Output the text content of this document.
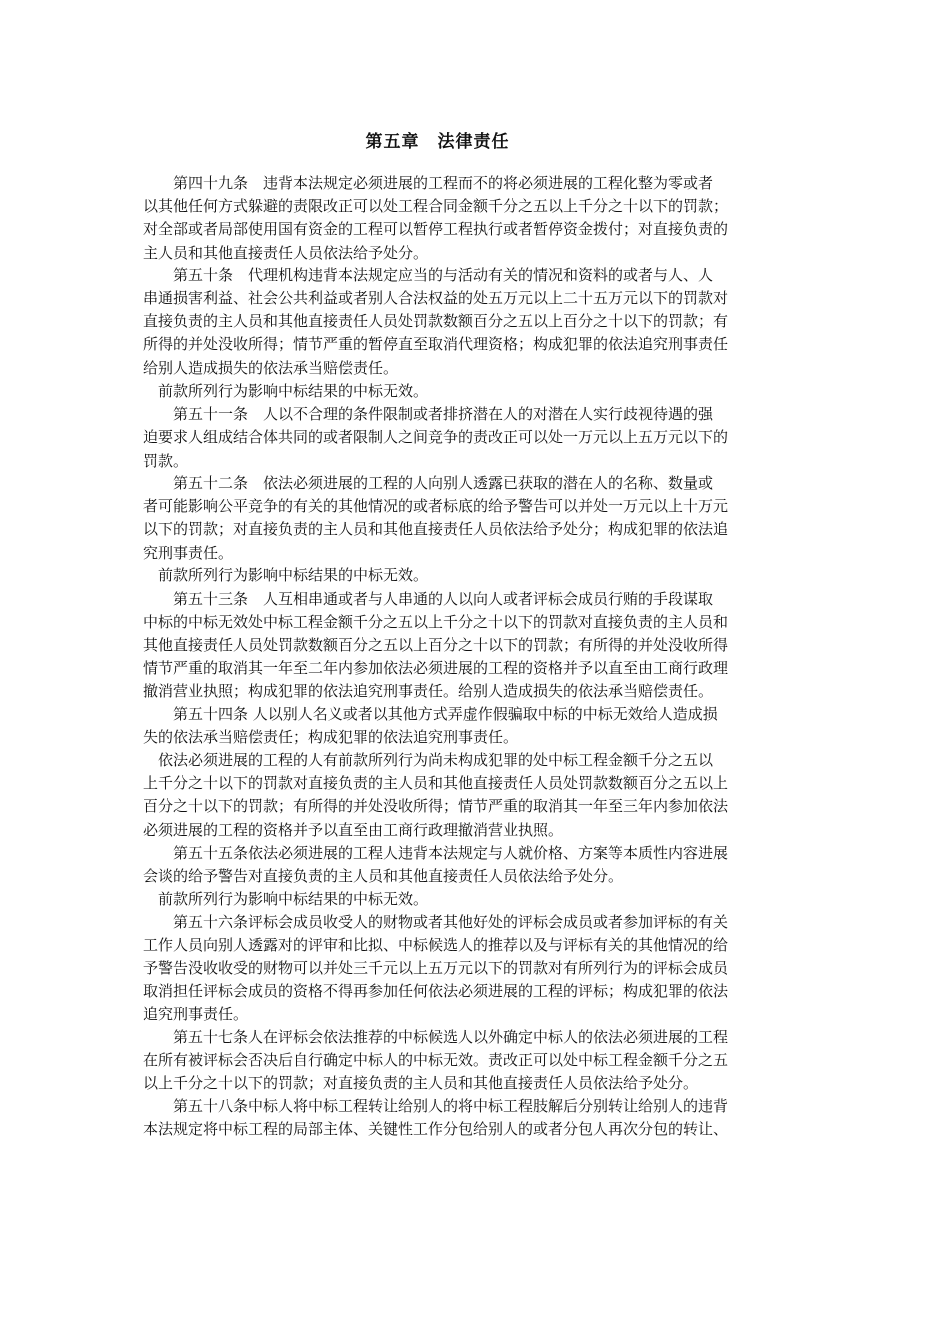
第五章　法律责任
　　第四十九条　违背本法规定必须进展的工程而不的将必须进展的工程化整为零或者
以其他任何方式躲避的责限改正可以处工程合同金额千分之五以上千分之十以下的罚款；
对全部或者局部使用国有资金的工程可以暂停工程执行或者暂停资金拨付；对直接负责的
主人员和其他直接责任人员依法给予处分。
　　第五十条　代理机构违背本法规定应当的与活动有关的情况和资料的或者与人、人
串通损害利益、社会公共利益或者别人合法权益的处五万元以上二十五万元以下的罚款对
直接负责的主人员和其他直接责任人员处罚款数额百分之五以上百分之十以下的罚款；有
所得的并处没收所得；情节严重的暂停直至取消代理资格；构成犯罪的依法追究刑事责任
给别人造成损失的依法承当赔偿责任。
　前款所列行为影响中标结果的中标无效。
　　第五十一条　人以不合理的条件限制或者排挤潜在人的对潜在人实行歧视待遇的强
迫要求人组成结合体共同的或者限制人之间竞争的责改正可以处一万元以上五万元以下的
罚款。
　　第五十二条　依法必须进展的工程的人向别人透露已获取的潜在人的名称、数量或
者可能影响公平竞争的有关的其他情况的或者标底的给予警告可以并处一万元以上十万元
以下的罚款；对直接负责的主人员和其他直接责任人员依法给予处分；构成犯罪的依法追
究刑事责任。
　前款所列行为影响中标结果的中标无效。
　　第五十三条　人互相串通或者与人串通的人以向人或者评标会成员行贿的手段谋取
中标的中标无效处中标工程金额千分之五以上千分之十以下的罚款对直接负责的主人员和
其他直接责任人员处罚款数额百分之五以上百分之十以下的罚款；有所得的并处没收所得
情节严重的取消其一年至二年内参加依法必须进展的工程的资格并予以直至由工商行政理
撤消营业执照；构成犯罪的依法追究刑事责任。给别人造成损失的依法承当赔偿责任。
　　第五十四条 人以别人名义或者以其他方式弄虚作假骗取中标的中标无效给人造成损
失的依法承当赔偿责任；构成犯罪的依法追究刑事责任。
　依法必须进展的工程的人有前款所列行为尚未构成犯罪的处中标工程金额千分之五以
上千分之十以下的罚款对直接负责的主人员和其他直接责任人员处罚款数额百分之五以上
百分之十以下的罚款；有所得的并处没收所得；情节严重的取消其一年至三年内参加依法
必须进展的工程的资格并予以直至由工商行政理撤消营业执照。
　　第五十五条依法必须进展的工程人违背本法规定与人就价格、方案等本质性内容进展
会谈的给予警告对直接负责的主人员和其他直接责任人员依法给予处分。
　前款所列行为影响中标结果的中标无效。
　　第五十六条评标会成员收受人的财物或者其他好处的评标会成员或者参加评标的有关
工作人员向别人透露对的评审和比拟、中标候选人的推荐以及与评标有关的其他情况的给
予警告没收收受的财物可以并处三千元以上五万元以下的罚款对有所列行为的评标会成员
取消担任评标会成员的资格不得再参加任何依法必须进展的工程的评标；构成犯罪的依法
追究刑事责任。
　　第五十七条人在评标会依法推荐的中标候选人以外确定中标人的依法必须进展的工程
在所有被评标会否决后自行确定中标人的中标无效。责改正可以处中标工程金额千分之五
以上千分之十以下的罚款；对直接负责的主人员和其他直接责任人员依法给予处分。
　　第五十八条中标人将中标工程转让给别人的将中标工程肢解后分别转让给别人的违背
本法规定将中标工程的局部主体、关键性工作分包给别人的或者分包人再次分包的转让、
